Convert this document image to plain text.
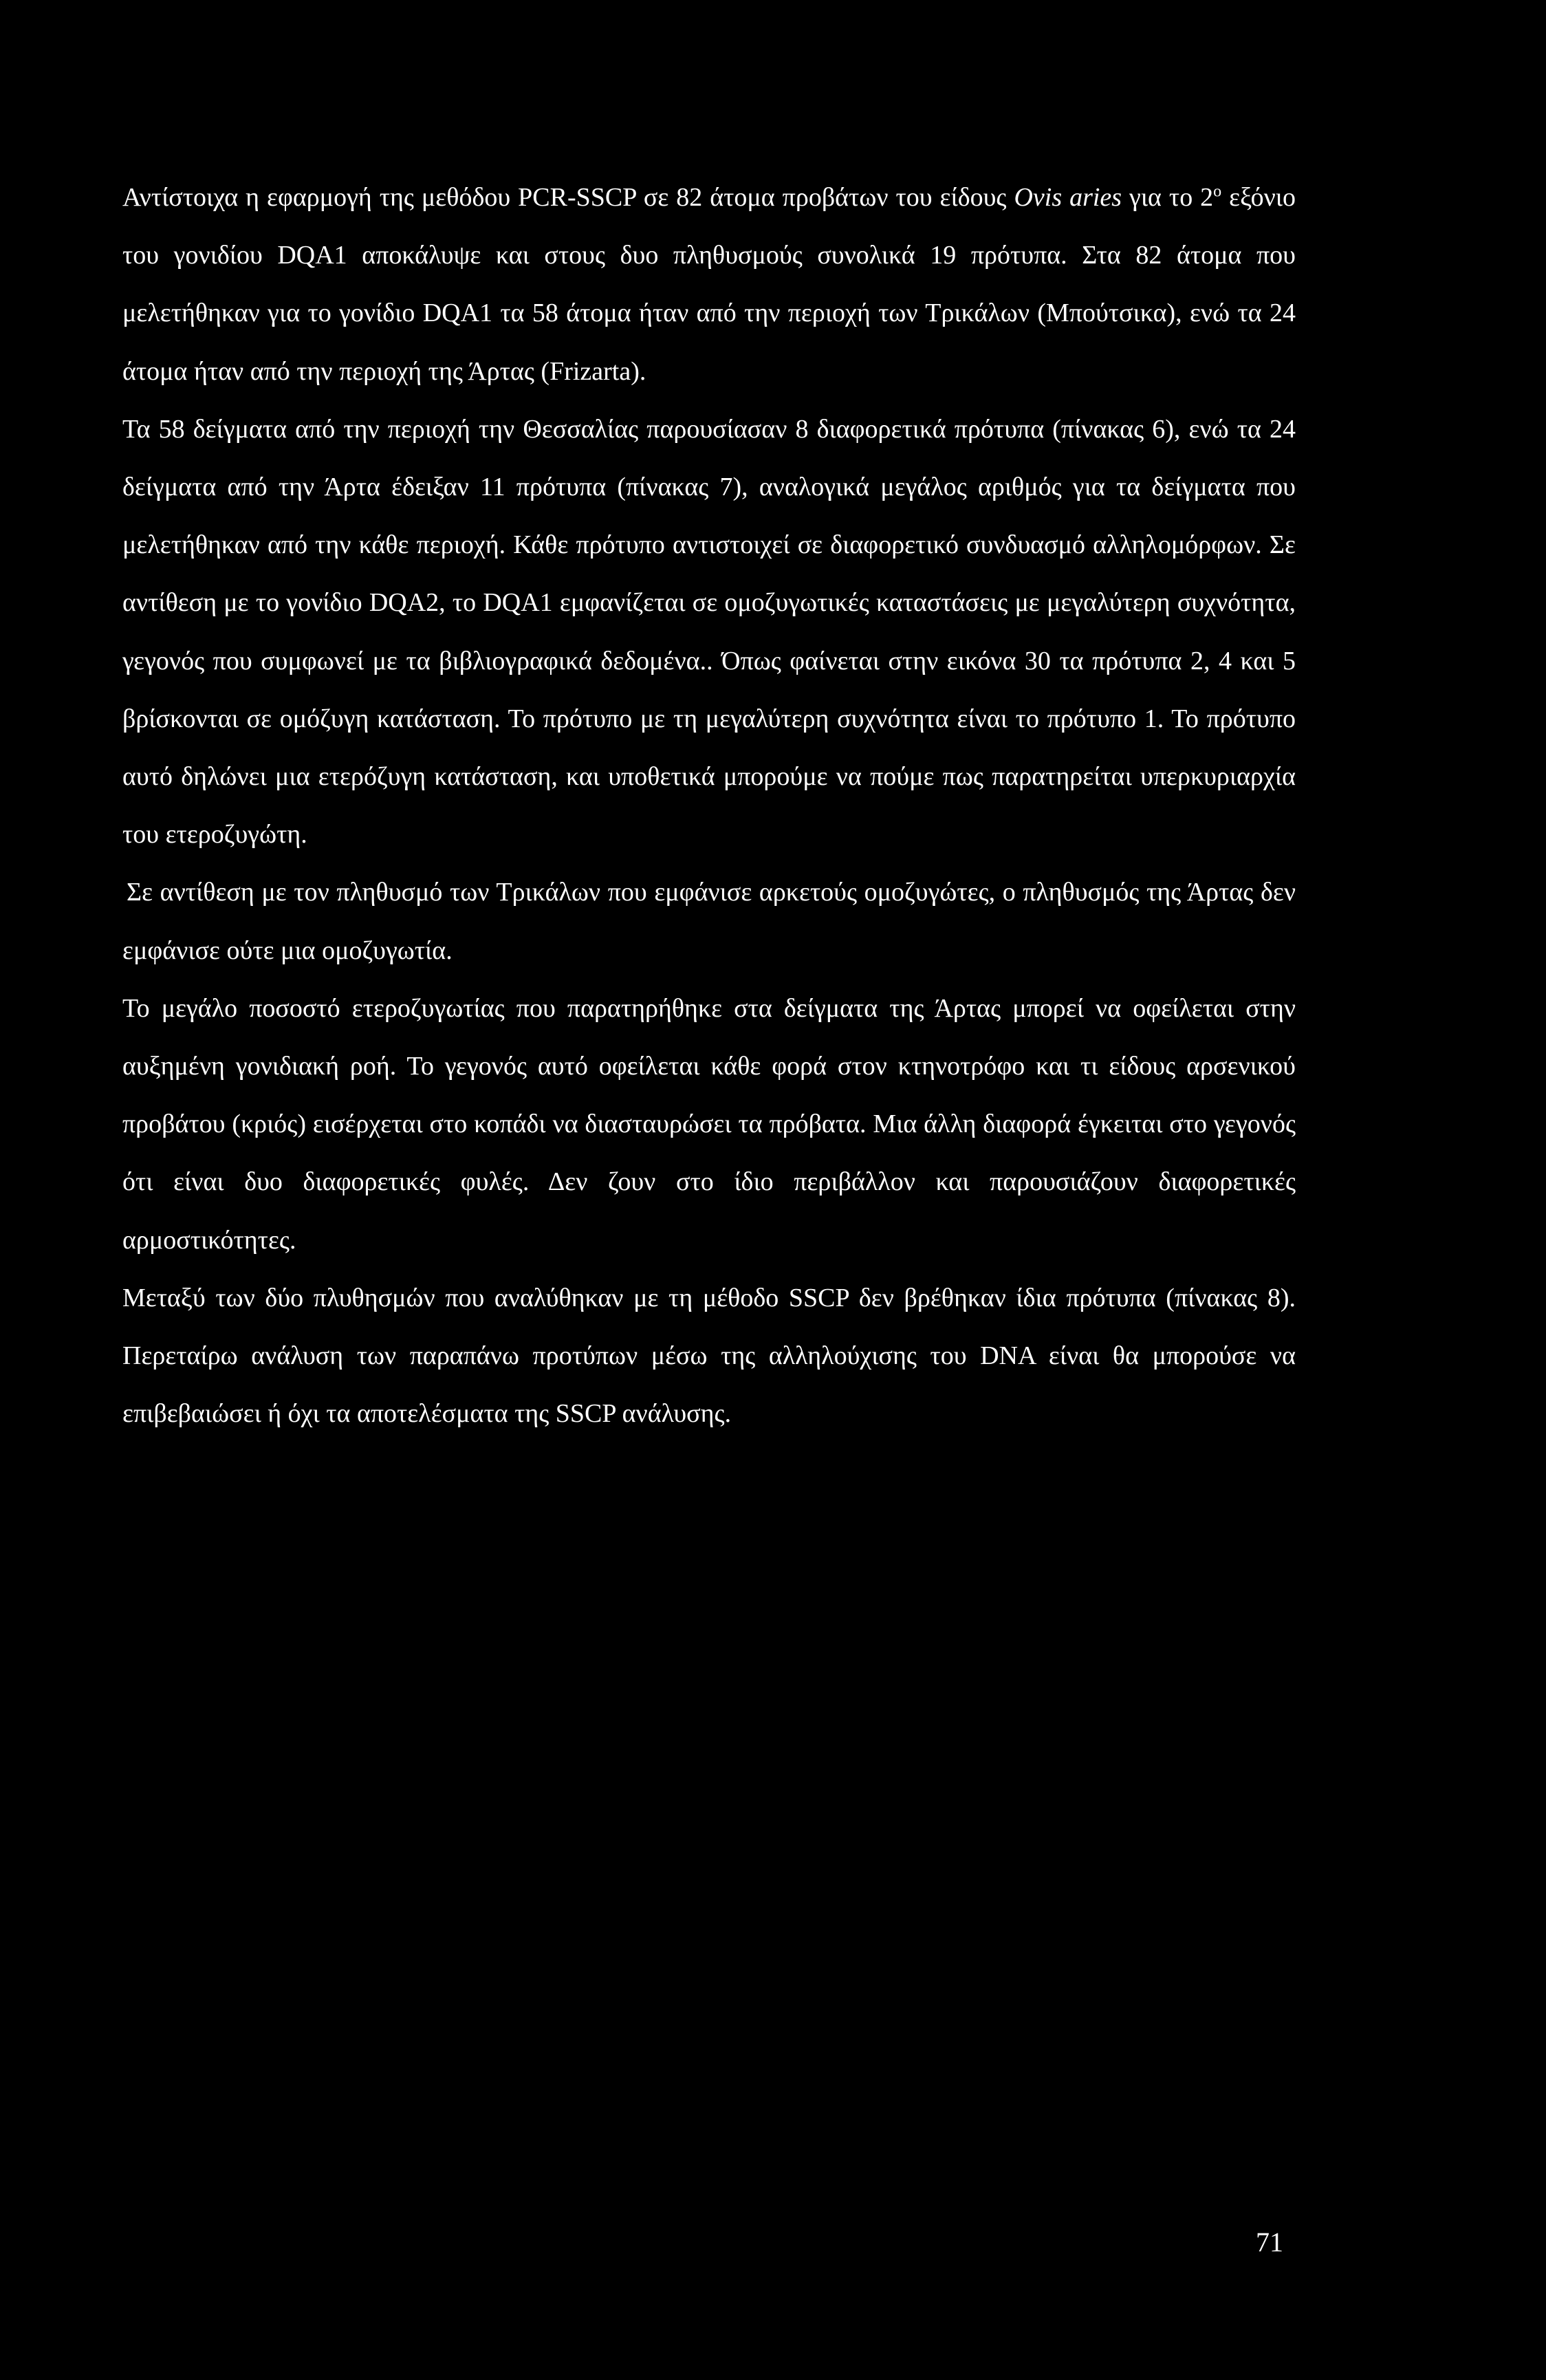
Αντίστοιχα η εφαρμογή της μεθόδου PCR-SSCP σε 82 άτομα προβάτων του είδους Ovis aries για το $2^o$ εξόνιο του γονιδίου DQA1 αποκάλυψε και στους δυο πληθυσμούς συνολικά 19 πρότυπα. Στα 82 άτομα που μελετήθηκαν για το γονίδιο DQA1 τα 58 άτομα ήταν από την περιοχή των Τρικάλων (Μπούτσικα), ενώ τα 24 άτομα ήταν από την περιοχή της Άρτας (Frizarta).

Τα 58 δείγματα από την περιοχή την Θεσσαλίας παρουσίασαν 8 διαφορετικά πρότυπα (πίνακας 6), ενώ τα 24 δείγματα από την Άρτα έδειξαν 11 πρότυπα (πίνακας 7), αναλογικά μεγάλος αριθμός για τα δείγματα που μελετήθηκαν από την κάθε περιοχή. Κάθε πρότυπο αντιστοιχεί σε διαφορετικό συνδυασμό αλληλομόρφων. Σε αντίθεση με το γονίδιο DQA2, το DQA1 εμφανίζεται σε ομοζυγωτικές καταστάσεις με μεγαλύτερη συχνότητα, γεγονός που συμφωνεί με τα βιβλιογραφικά δεδομένα.. Όπως φαίνεται στην εικόνα 30 τα πρότυπα 2, 4 και 5 βρίσκονται σε ομόζυγη κατάσταση. Το πρότυπο με τη μεγαλύτερη συχνότητα είναι το πρότυπο 1. Το πρότυπο αυτό δηλώνει μια ετερόζυγη κατάσταση, και υποθετικά μπορούμε να πούμε πως παρατηρείται υπερκυριαρχία του ετεροζυγώτη.

Σε αντίθεση με τον πληθυσμό των Τρικάλων που εμφάνισε αρκετούς ομοζυγώτες, ο πληθυσμός της Άρτας δεν εμφάνισε ούτε μια ομοζυγωτία.

Το μεγάλο ποσοστό ετεροζυγωτίας που παρατηρήθηκε στα δείγματα της Άρτας μπορεί να οφείλεται στην αυξημένη γονιδιακή ροή. Το γεγονός αυτό οφείλεται κάθε φορά στον κτηνοτρόφο και τι είδους αρσενικού προβάτου (κριός) εισέρχεται στο κοπάδι να διασταυρώσει τα πρόβατα. Μια άλλη διαφορά έγκειται στο γεγονός ότι είναι δυο διαφορετικές φυλές. Δεν ζουν στο ίδιο περιβάλλον και παρουσιάζουν διαφορετικές αρμοστικότητες.

Μεταξύ των δύο πλυθησμών που αναλύθηκαν με τη μέθοδο SSCP δεν βρέθηκαν ίδια πρότυπα (πίνακας 8). Περεταίρω ανάλυση των παραπάνω προτύπων μέσω της αλληλούχισης του DNA είναι θα μπορούσε να επιβεβαιώσει ή όχι τα αποτελέσματα της SSCP ανάλυσης.

71
